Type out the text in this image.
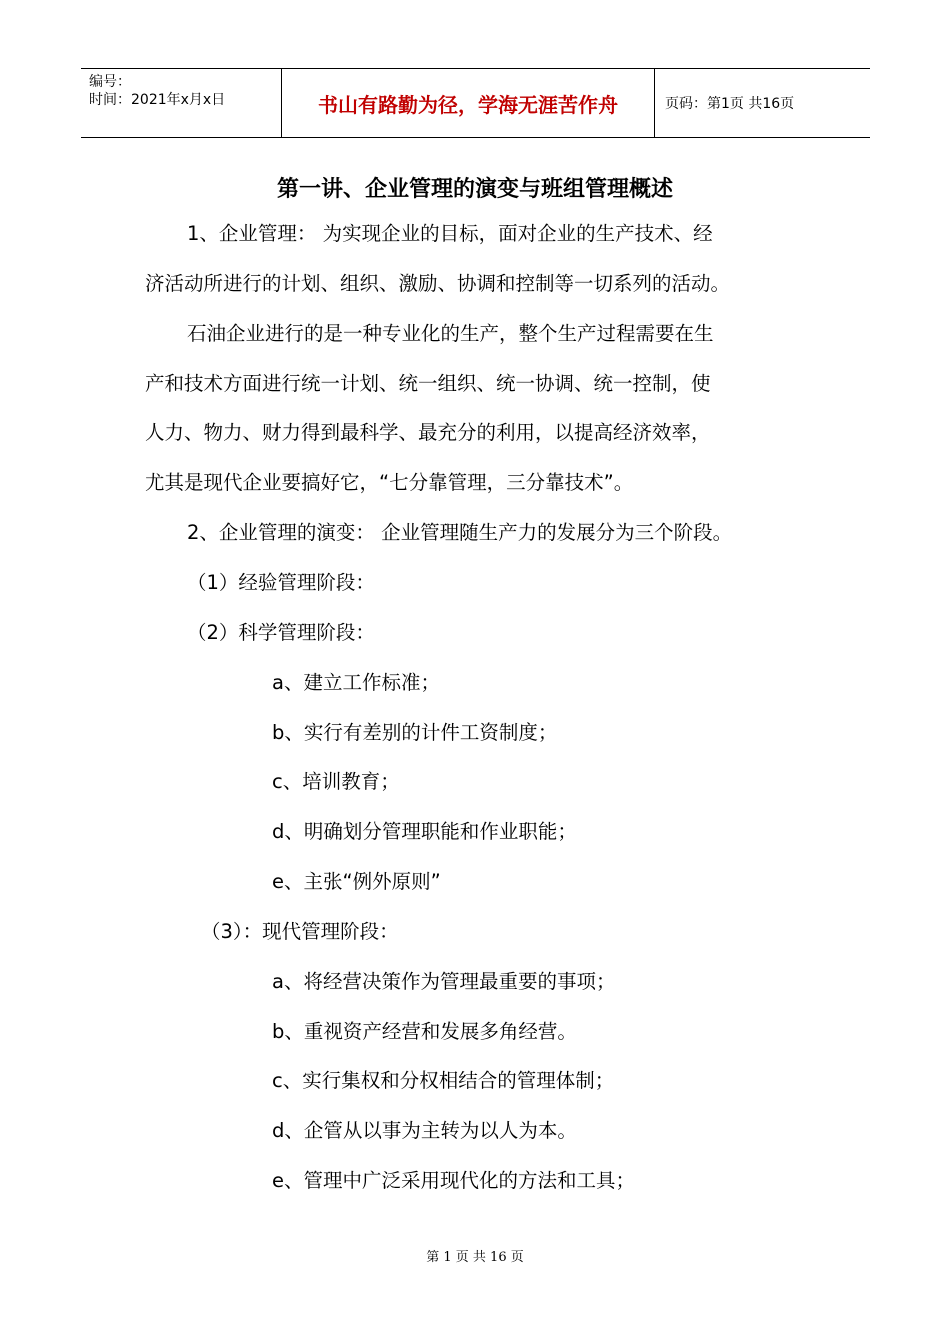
编号：
时间：2021年x月x日	书山有路勤为径，学海无涯苦作舟	页码：第1页 共16页
第一讲、企业管理的演变与班组管理概述
1、企业管理： 为实现企业的目标，面对企业的生产技术、经
济活动所进行的计划、组织、激励、协调和控制等一切系列的活动。
石油企业进行的是一种专业化的生产，整个生产过程需要在生
产和技术方面进行统一计划、统一组织、统一协调、统一控制，使
人力、物力、财力得到最科学、最充分的利用，以提高经济效率，
尤其是现代企业要搞好它，“七分靠管理，三分靠技术”。
2、企业管理的演变： 企业管理随生产力的发展分为三个阶段。
（1）经验管理阶段：
（2）科学管理阶段：
a、建立工作标准；
b、实行有差别的计件工资制度；
c、培训教育；
d、明确划分管理职能和作业职能；
e、主张“例外原则”
（3）：现代管理阶段：
a、将经营决策作为管理最重要的事项；
b、重视资产经营和发展多角经营。
c、实行集权和分权相结合的管理体制；
d、企管从以事为主转为以人为本。
e、管理中广泛采用现代化的方法和工具；
第 1 页 共 16 页
